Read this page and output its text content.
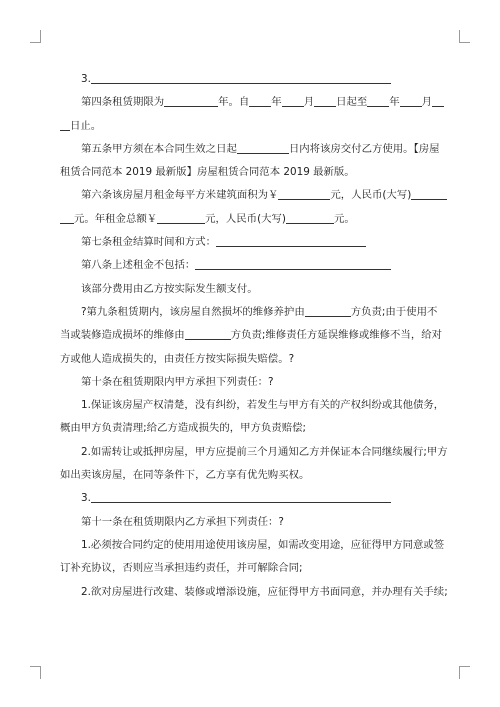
3.

第四条租赁期限为	年。自 年 月 日起至 年 月

日止。

第五条甲方须在本合同生效之日起	日内将该房交付乙方使用。【房屋

租赁合同范本 2019 最新版】房屋租赁合同范本 2019 最新版。

第六条该房屋月租金每平方米建筑面积为￥	元，人民币(大写)

元。年租金总额￥	元，人民币(大写)	元。

第七条租金结算时间和方式：

第八条上述租金不包括：

该部分费用由乙方按实际发生额支付。

?第九条租赁期内，该房屋自然损坏的维修养护由	方负责;由于使用不

当或装修造成损坏的维修由	方负责;维修责任方延误维修或维修不当，给对

方或他人造成损失的，由责任方按实际损失赔偿。?

第十条在租赁期限内甲方承担下列责任：?

1.保证该房屋产权清楚，没有纠纷，若发生与甲方有关的产权纠纷或其他债务，

概由甲方负责清理;给乙方造成损失的，甲方负责赔偿;

2.如需转让或抵押房屋，甲方应提前三个月通知乙方并保证本合同继续履行;甲方

如出卖该房屋，在同等条件下，乙方享有优先购买权。

3.

第十一条在租赁期限内乙方承担下列责任：?

1.必须按合同约定的使用用途使用该房屋，如需改变用途，应征得甲方同意或签

订补充协议，否则应当承担违约责任，并可解除合同;

2.欲对房屋进行改建、装修或增添设施，应征得甲方书面同意，并办理有关手续;
